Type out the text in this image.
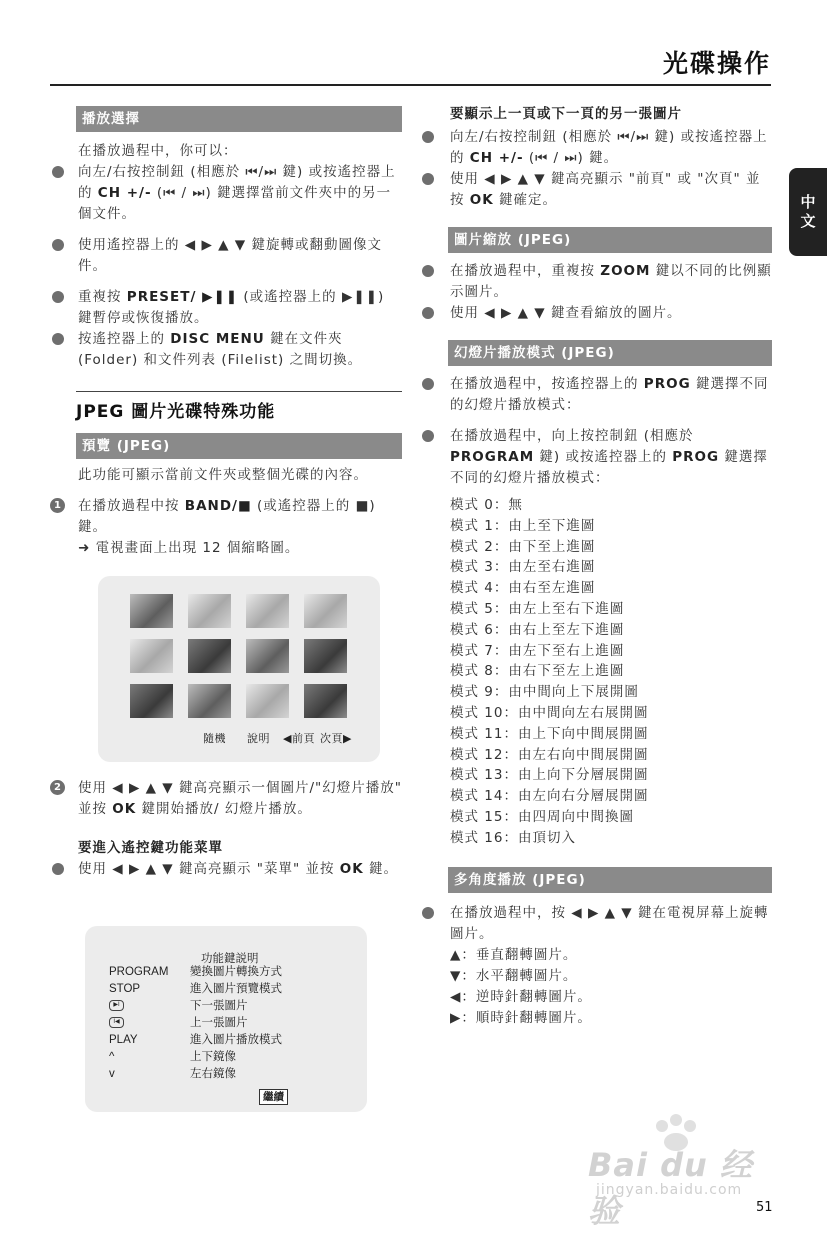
光碟操作
中
文
播放選擇
在播放過程中，你可以：
向左/右按控制鈕 (相應於 ⏮/⏭ 鍵) 或按遙控器上的 CH +/- (⏮ / ⏭) 鍵選擇當前文件夾中的另一個文件。
使用遙控器上的 ◀ ▶ ▲ ▼ 鍵旋轉或翻動圖像文件。
重複按 PRESET/ ▶❚❚ (或遙控器上的 ▶❚❚) 鍵暫停或恢復播放。
按遙控器上的 DISC MENU 鍵在文件夾 (Folder) 和文件列表 (Filelist) 之間切換。
JPEG 圖片光碟特殊功能
預覽 (JPEG)
此功能可顯示當前文件夾或整個光碟的內容。
1 在播放過程中按 BAND/■ (或遙控器上的 ■) 鍵。
➜ 電視畫面上出現 12 個縮略圖。
隨機 說明 ◀前頁 次頁▶
2 使用 ◀ ▶ ▲ ▼ 鍵高亮顯示一個圖片/"幻燈片播放" 並按 OK 鍵開始播放/ 幻燈片播放。
要進入遙控鍵功能菜單
使用 ◀ ▶ ▲ ▼ 鍵高亮顯示 "菜單" 並按 OK 鍵。
功能鍵説明
PROGRAM	變換圖片轉換方式
STOP	進入圖片預覽模式
▶I	下一張圖片
I◀	上一張圖片
PLAY	進入圖片播放模式
^	上下鏡像
v	左右鏡像
繼續
要顯示上一頁或下一頁的另一張圖片
向左/右按控制鈕 (相應於 ⏮/⏭ 鍵) 或按遙控器上的 CH +/- (⏮ / ⏭) 鍵。
使用 ◀ ▶ ▲ ▼ 鍵高亮顯示 "前頁" 或 "次頁" 並按 OK 鍵確定。
圖片縮放 (JPEG)
在播放過程中，重複按 ZOOM 鍵以不同的比例顯示圖片。
使用 ◀ ▶ ▲ ▼ 鍵查看縮放的圖片。
幻燈片播放模式 (JPEG)
在播放過程中，按遙控器上的 PROG 鍵選擇不同的幻燈片播放模式：
在播放過程中，向上按控制鈕 (相應於 PROGRAM 鍵) 或按遙控器上的 PROG 鍵選擇不同的幻燈片播放模式：
模式 0：無
模式 1：由上至下進圖
模式 2：由下至上進圖
模式 3：由左至右進圖
模式 4：由右至左進圖
模式 5：由左上至右下進圖
模式 6：由右上至左下進圖
模式 7：由左下至右上進圖
模式 8：由右下至左上進圖
模式 9：由中間向上下展開圖
模式 10：由中間向左右展開圖
模式 11：由上下向中間展開圖
模式 12：由左右向中間展開圖
模式 13：由上向下分層展開圖
模式 14：由左向右分層展開圖
模式 15：由四周向中間換圖
模式 16：由頂切入
多角度播放 (JPEG)
在播放過程中，按 ◀ ▶ ▲ ▼ 鍵在電視屏幕上旋轉圖片。
▲：垂直翻轉圖片。
▼：水平翻轉圖片。
◀：逆時針翻轉圖片。
▶：順時針翻轉圖片。
Bai du 经验
jingyan.baidu.com
51
